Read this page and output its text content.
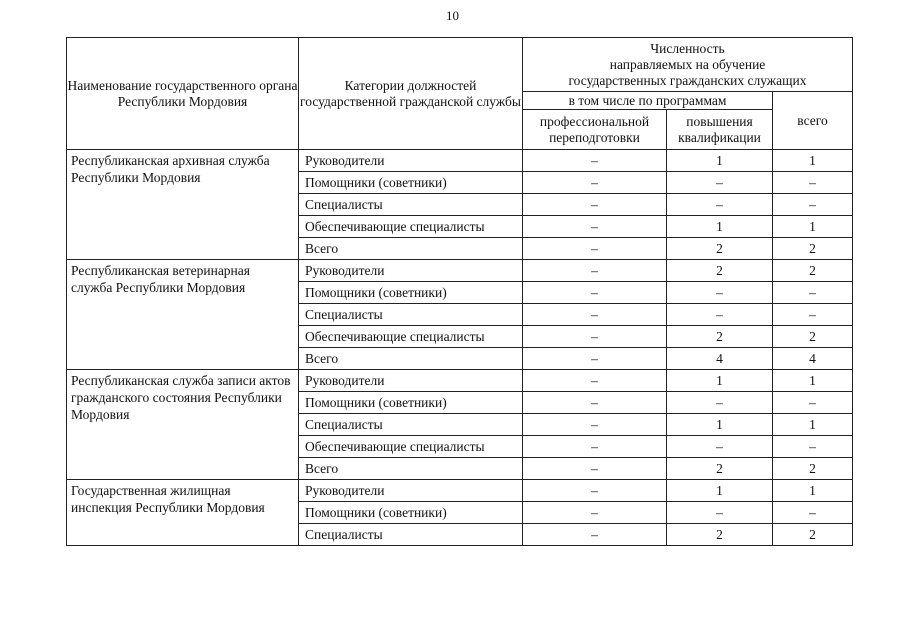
10
Наименование государственного органа Республики Мордовия	Категории должностей государственной гражданской службы	Численность
направляемых на обучение
государственных гражданских служащих		

		в том числе по программам		всего
		профессиональной переподготовки	повышения квалификации	
Республиканская архивная служба Республики Мордовия	Руководители	–	1	1
	Помощники (советники)	–	–	–
	Специалисты	–	–	–
	Обеспечивающие специалисты	–	1	1
	Всего	–	2	2
Республиканская ветеринарная служба Республики Мордовия	Руководители	–	2	2
	Помощники (советники)	–	–	–
	Специалисты	–	–	–
	Обеспечивающие специалисты	–	2	2
	Всего	–	4	4
Республиканская служба записи актов гражданского состояния Республики Мордовия	Руководители	–	1	1
	Помощники (советники)	–	–	–
	Специалисты	–	1	1
	Обеспечивающие специалисты	–	–	–
	Всего	–	2	2
Государственная жилищная инспекция Республики Мордовия	Руководители	–	1	1
	Помощники (советники)	–	–	–
	Специалисты	–	2	2
